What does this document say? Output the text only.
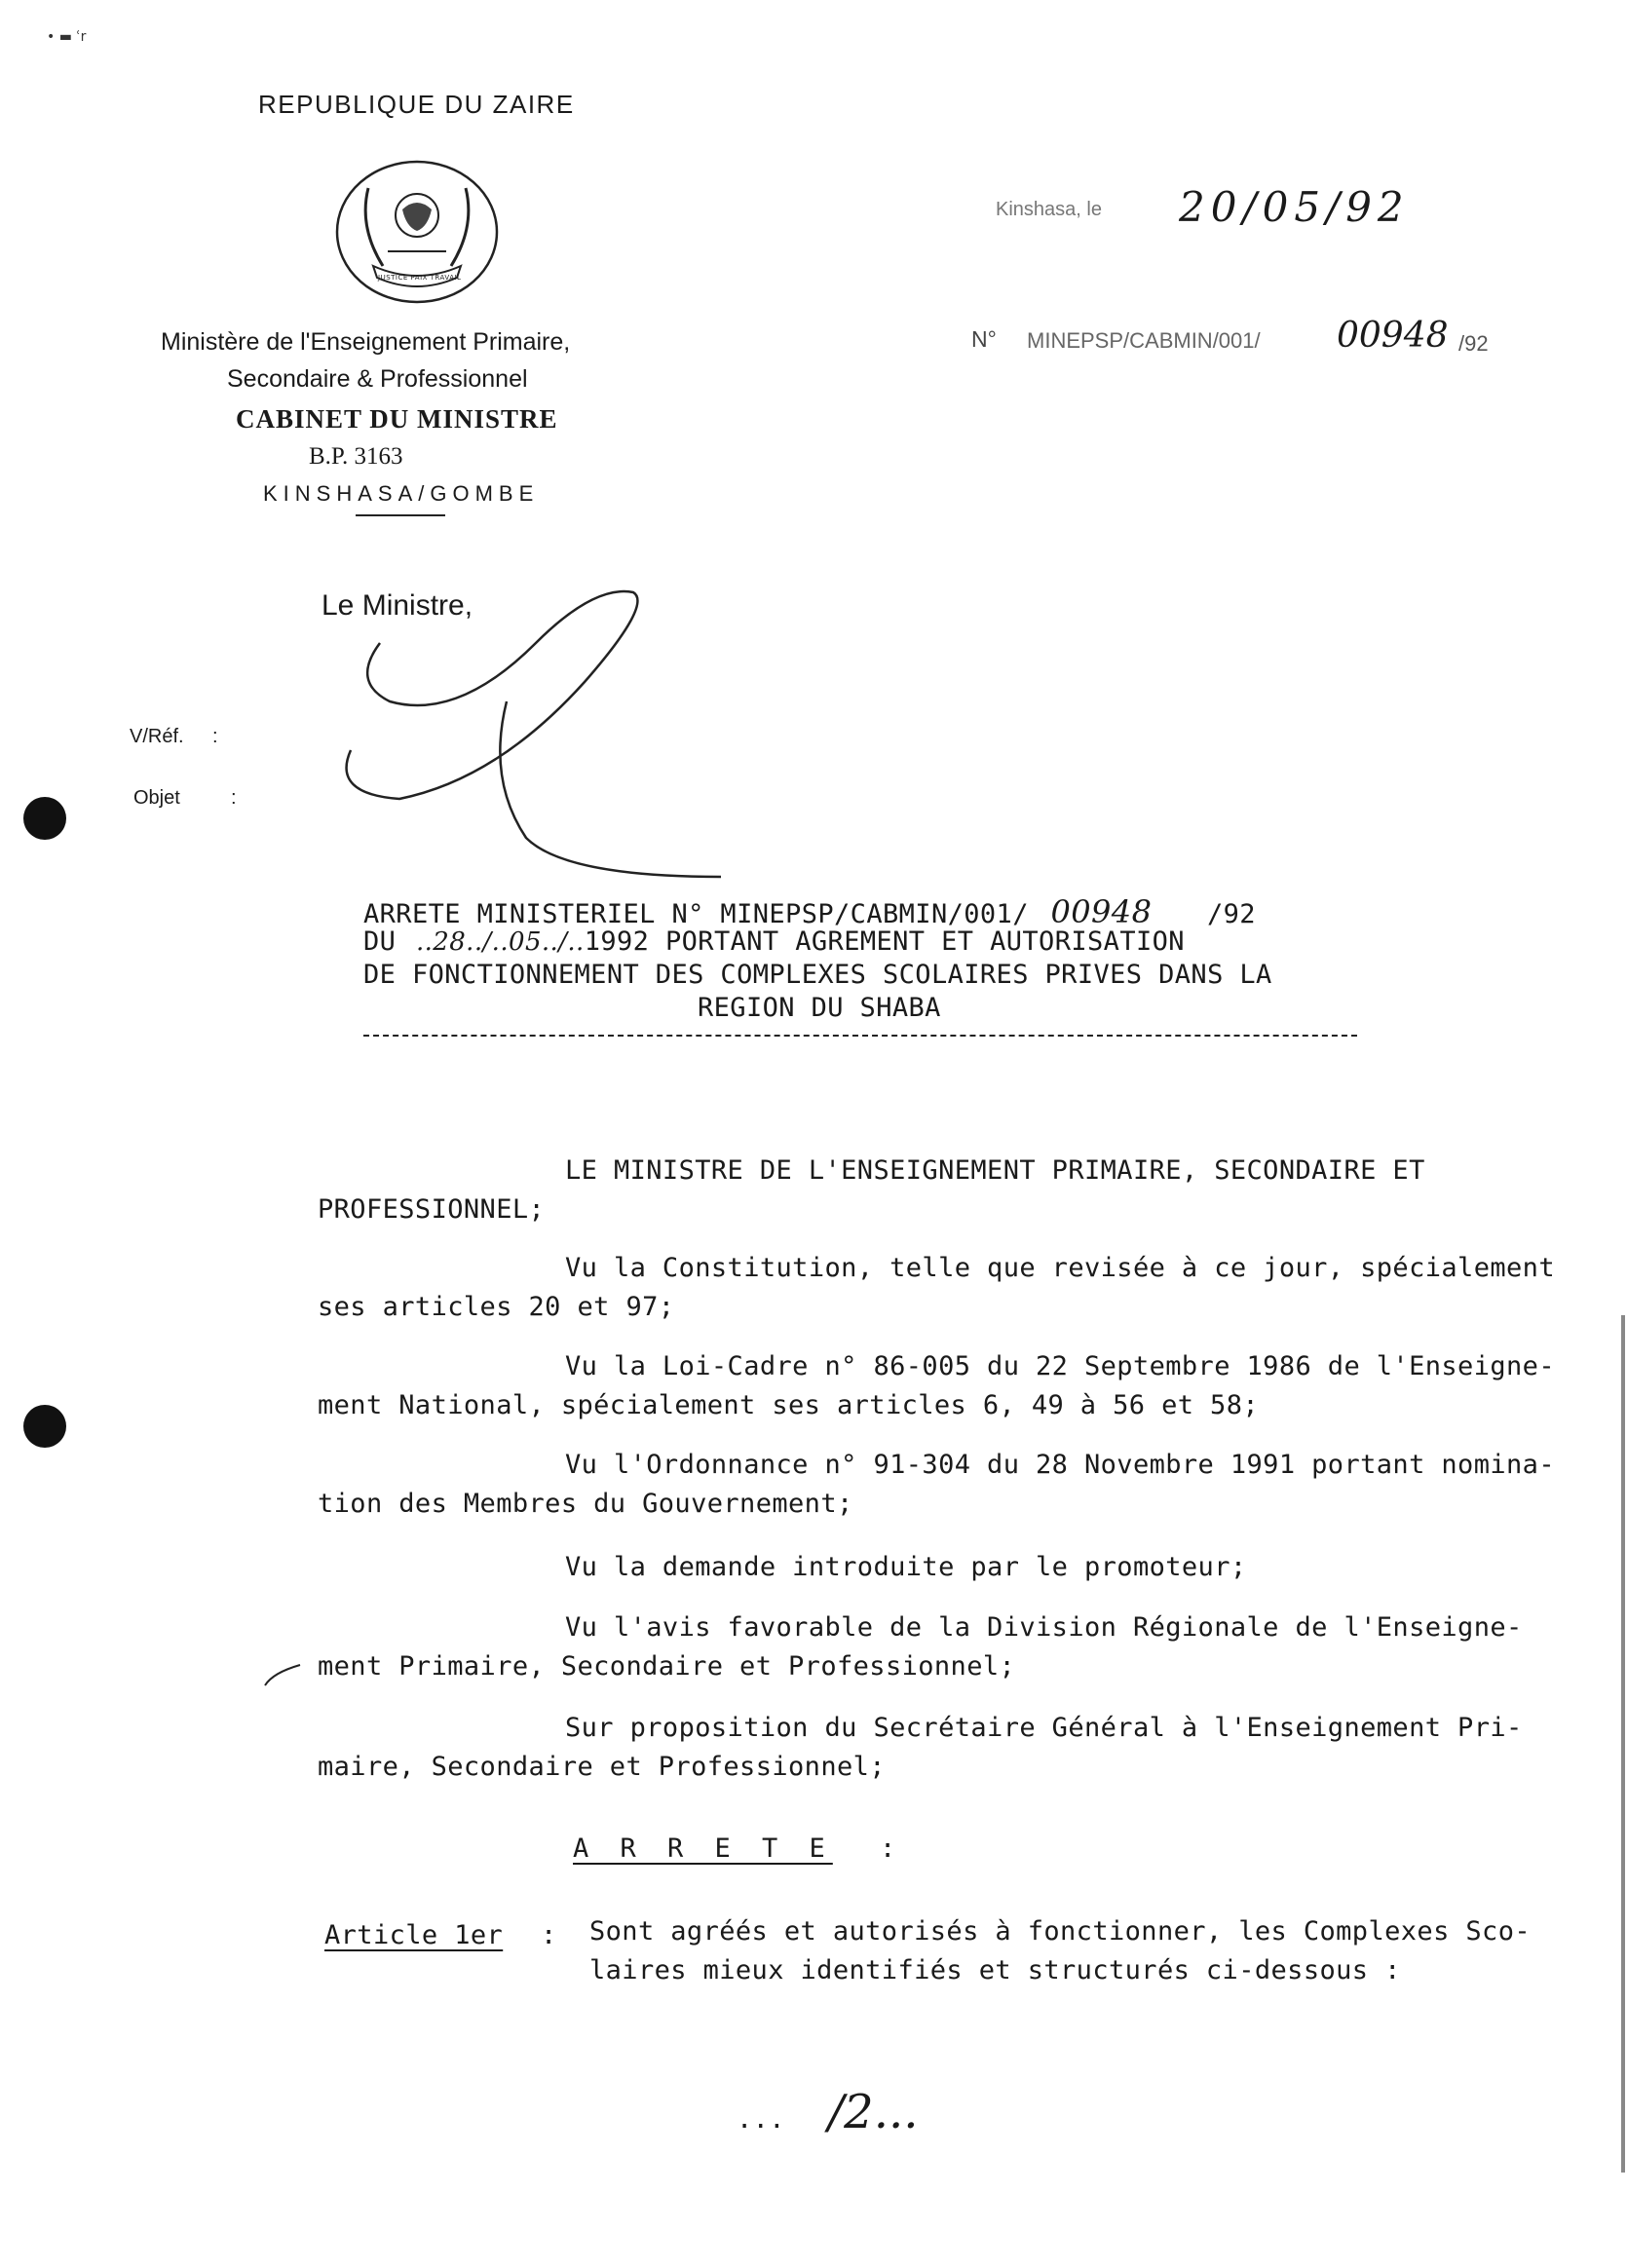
• ▬ ʿr
REPUBLIQUE DU ZAIRE
JUSTICE PAIX TRAVAIL
Ministère de l'Enseignement Primaire,
Secondaire & Professionnel
CABINET DU MINISTRE
B.P. 3163
KINSHASA/GOMBE
Kinshasa, le 20/05/92
N° MINEPSP/CABMIN/001/ 00948 /92
Le Ministre,
V/Réf. :
Objet	:
ARRETE MINISTERIEL N° MINEPSP/CABMIN/001/ 00948 /92
DU ..28../..05../..1992 PORTANT AGREMENT ET AUTORISATION
DE FONCTIONNEMENT DES COMPLEXES SCOLAIRES PRIVES DANS LA
REGION DU SHABA
LE MINISTRE DE L'ENSEIGNEMENT PRIMAIRE, SECONDAIRE ET
PROFESSIONNEL;
Vu la Constitution, telle que revisée à ce jour, spécialement
ses articles 20 et 97;
Vu la Loi-Cadre n° 86-005 du 22 Septembre 1986 de l'Enseigne-
ment National, spécialement ses articles 6, 49 à 56 et 58;
Vu l'Ordonnance n° 91-304 du 28 Novembre 1991 portant nomina-
tion des Membres du Gouvernement;
Vu la demande introduite par le promoteur;
Vu l'avis favorable de la Division Régionale de l'Enseigne-
ment Primaire, Secondaire et Professionnel;
Sur proposition du Secrétaire Général à l'Enseignement Pri-
maire, Secondaire et Professionnel;
A R R E T E :
Article 1er : Sont agréés et autorisés à fonctionner, les Complexes Sco-
laires mieux identifiés et structurés ci-dessous :
... /2...
